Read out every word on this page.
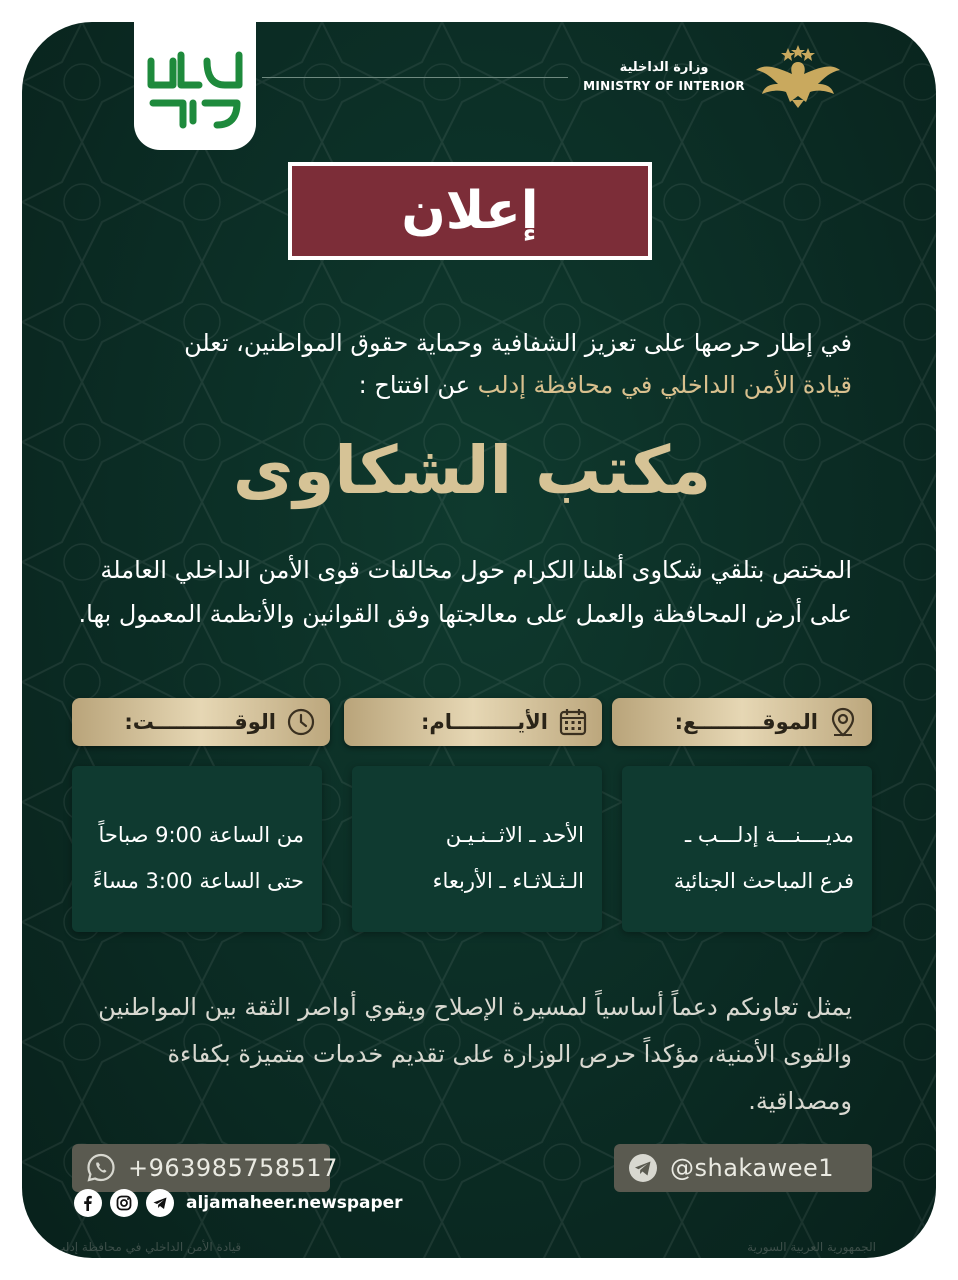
وزارة الداخلية
MINISTRY OF INTERIOR
إعلان
في إطار حرصها على تعزيز الشفافية وحماية حقوق المواطنين، تعلن
قيادة الأمن الداخلي في محافظة إدلب عن افتتاح :
مكتب الشكاوى
المختص بتلقي شكاوى أهلنا الكرام حول مخالفات قوى الأمن الداخلي العاملة على أرض المحافظة والعمل على معالجتها وفق القوانين والأنظمة المعمول بها.
الموقـــــــــع:
الأيـــــــــام:
الوقـــــــــــت:
مديــــنـــة إدلـــب ـ
فرع المباحث الجنائية
الأحد ـ الاثــنـيـن
الـثـلاثـاء ـ الأربعاء
من الساعة 9:00 صباحاً
حتى الساعة 3:00 مساءً
يمثل تعاونكم دعماً أساسياً لمسيرة الإصلاح ويقوي أواصر الثقة بين المواطنين والقوى الأمنية، مؤكداً حرص الوزارة على تقديم خدمات متميزة بكفاءة ومصداقية.
+963985758517	@shakawee1
aljamaheer.newspaper
الجمهورية العربية السورية
قيادة الأمن الداخلي في محافظة إدلب
